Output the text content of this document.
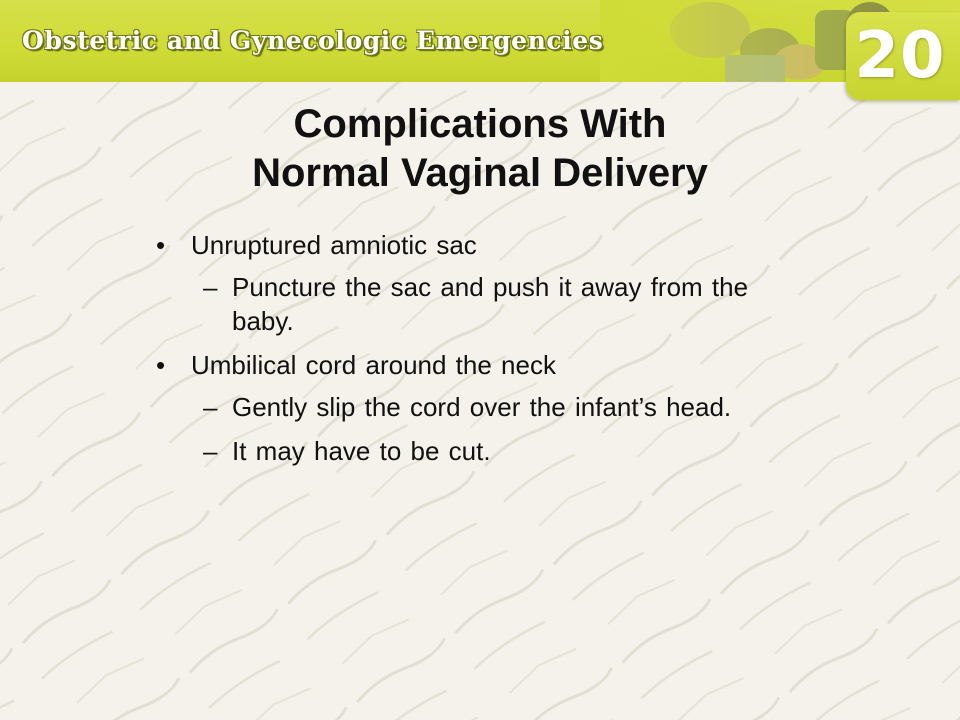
Obstetric and Gynecologic Emergencies	20
Complications With
Normal Vaginal Delivery
• Unruptured amniotic sac
– Puncture the sac and push it away from the baby.
• Umbilical cord around the neck
– Gently slip the cord over the infant’s head.
– It may have to be cut.
